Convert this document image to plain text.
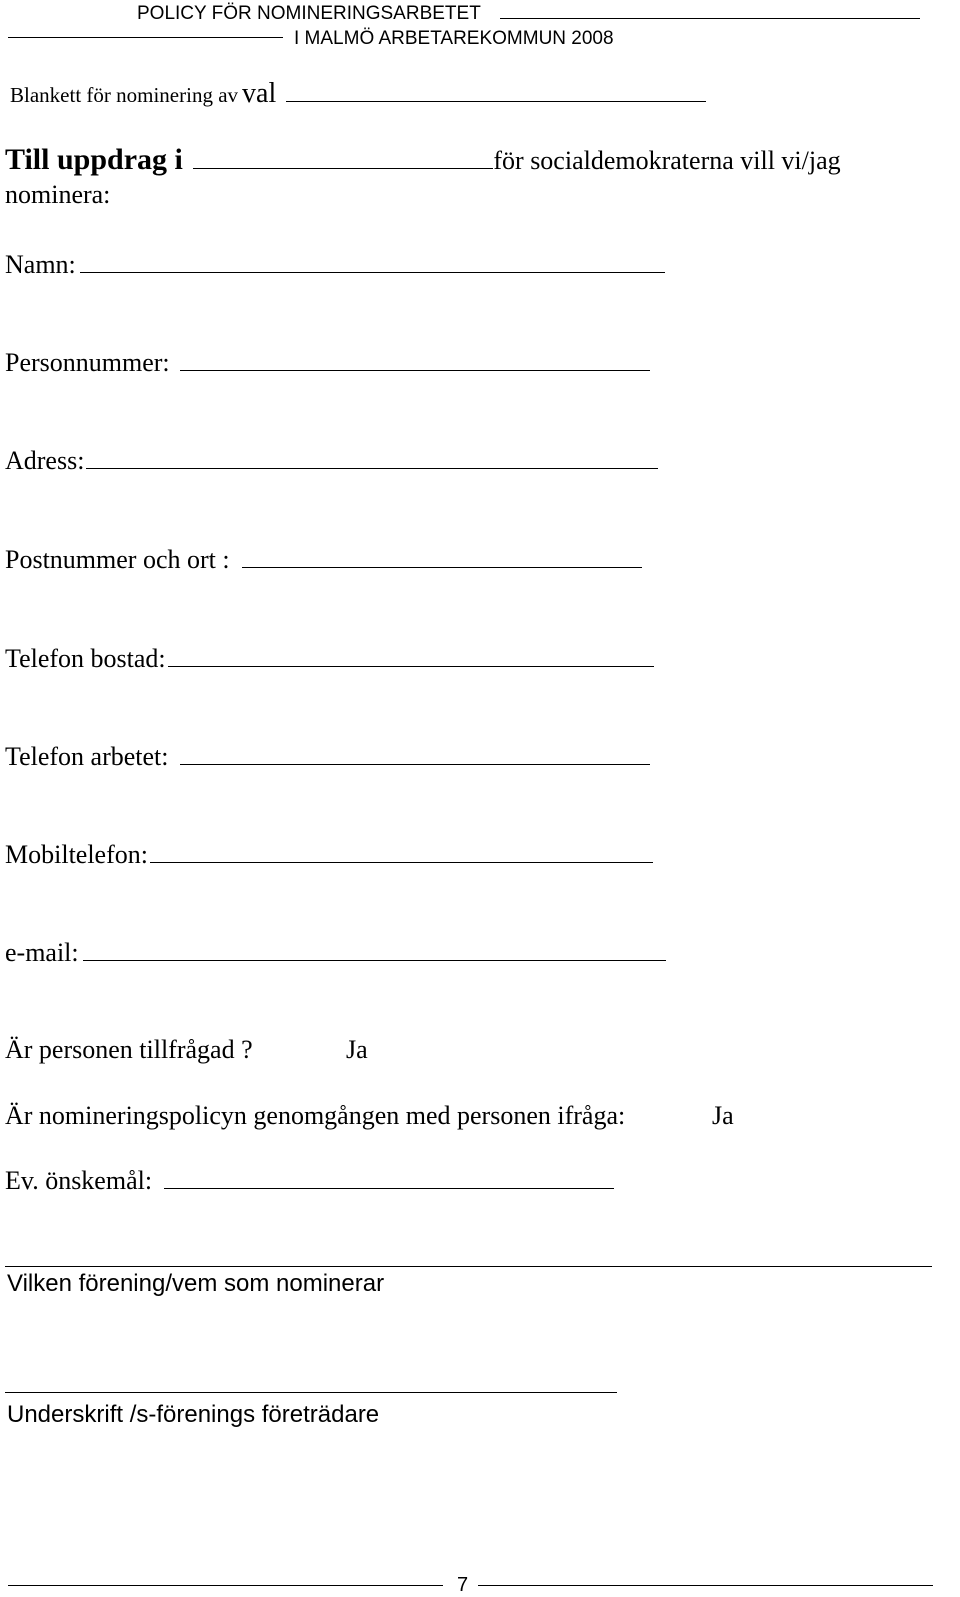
POLICY FÖR NOMINERINGSARBETET
I MALMÖ ARBETAREKOMMUN 2008
Blankett för nominering av val
Till uppdrag i	för socialdemokraterna vill vi/jag
nominera:
Namn:
Personnummer:
Adress:
Postnummer och ort :
Telefon bostad:
Telefon arbetet:
Mobiltelefon:
e-mail:
Är personen tillfrågad ?	Ja
Är nomineringspolicyn genomgången med personen ifråga:	Ja
Ev. önskemål:
Vilken förening/vem som nominerar
Underskrift /s-förenings företrädare
7
